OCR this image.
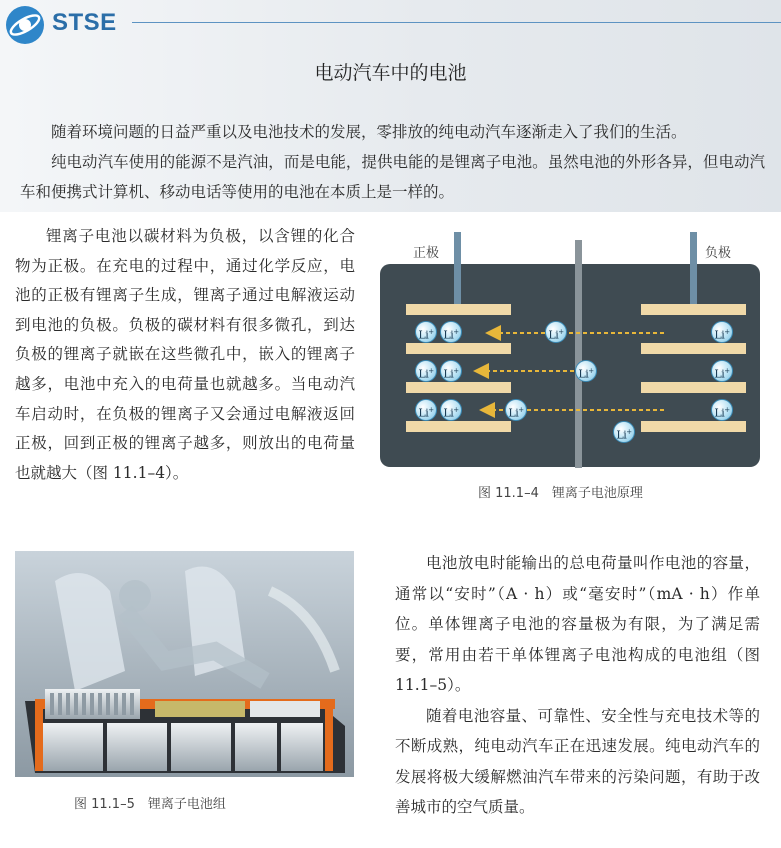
STSE
电动汽车中的电池

随着环境问题的日益严重以及电池技术的发展，零排放的纯电动汽车逐渐走入了我们的生活。

纯电动汽车使用的能源不是汽油，而是电能，提供电能的是锂离子电池。虽然电池的外形各异，但电动汽车和便携式计算机、移动电话等使用的电池在本质上是一样的。

锂离子电池以碳材料为负极，以含锂的化合物为正极。在充电的过程中，通过化学反应，电池的正极有锂离子生成，锂离子通过电解液运动到电池的负极。负极的碳材料有很多微孔，到达负极的锂离子就嵌在这些微孔中，嵌入的锂离子越多，电池中充入的电荷量也就越多。当电动汽车启动时，在负极的锂离子又会通过电解液返回正极，回到正极的锂离子越多，则放出的电荷量也就越大（图 11.1–4）。

正极	负极
图 11.1–4　锂离子电池原理
Li+ Li+	Li+	Li+
Li+ Li+	Li+	Li+
Li+ Li+	Li+	Li+
Li+
图 11.1–5　锂离子电池组

电池放电时能输出的总电荷量叫作电池的容量，通常以“安时”（A · h）或“毫安时”（mA · h）作单位。单体锂离子电池的容量极为有限，为了满足需要，常用由若干单体锂离子电池构成的电池组（图 11.1–5）。

随着电池容量、可靠性、安全性与充电技术等的不断成熟，纯电动汽车正在迅速发展。纯电动汽车的发展将极大缓解燃油汽车带来的污染问题，有助于改善城市的空气质量。
